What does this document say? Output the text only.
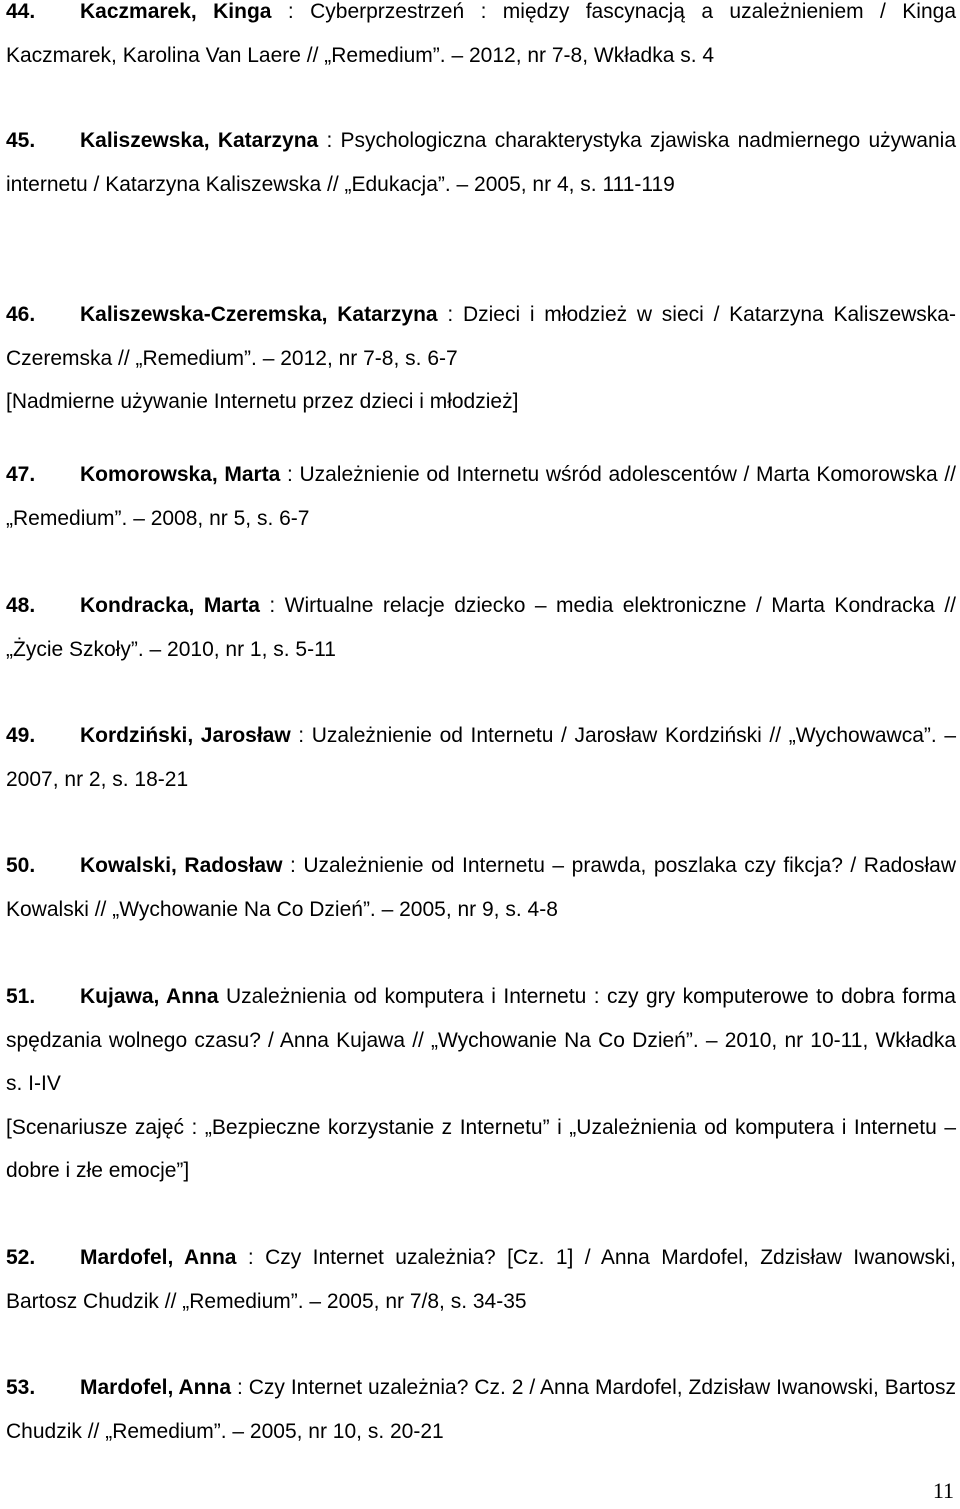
44. Kaczmarek, Kinga : Cyberprzestrzeń : między fascynacją a uzależnieniem / Kinga Kaczmarek, Karolina Van Laere // „Remedium”. – 2012, nr 7-8, Wkładka s. 4
45. Kaliszewska, Katarzyna : Psychologiczna charakterystyka zjawiska nadmiernego używania internetu / Katarzyna Kaliszewska // „Edukacja”. – 2005, nr 4, s. 111-119
46. Kaliszewska-Czeremska, Katarzyna : Dzieci i młodzież w sieci / Katarzyna Kaliszewska-Czeremska // „Remedium”. – 2012, nr 7-8, s. 6-7
[Nadmierne używanie Internetu przez dzieci i młodzież]
47. Komorowska, Marta : Uzależnienie od Internetu wśród adolescentów / Marta Komorowska // „Remedium”. – 2008, nr 5, s. 6-7
48. Kondracka, Marta : Wirtualne relacje dziecko – media elektroniczne / Marta Kondracka // „Życie Szkoły”. – 2010, nr 1, s. 5-11
49. Kordziński, Jarosław : Uzależnienie od Internetu / Jarosław Kordziński // „Wychowawca”. – 2007, nr 2, s. 18-21
50. Kowalski, Radosław : Uzależnienie od Internetu – prawda, poszlaka czy fikcja? / Radosław Kowalski // „Wychowanie Na Co Dzień”. – 2005, nr 9, s. 4-8
51. Kujawa, Anna Uzależnienia od komputera i Internetu : czy gry komputerowe to dobra forma spędzania wolnego czasu? / Anna Kujawa // „Wychowanie Na Co Dzień”. – 2010, nr 10-11, Wkładka s. I-IV
[Scenariusze zajęć : „Bezpieczne korzystanie z Internetu” i „Uzależnienia od komputera i Internetu – dobre i złe emocje”]
52. Mardofel, Anna : Czy Internet uzależnia? [Cz. 1] / Anna Mardofel, Zdzisław Iwanowski, Bartosz Chudzik // „Remedium”. – 2005, nr 7/8, s. 34-35
53. Mardofel, Anna : Czy Internet uzależnia? Cz. 2 / Anna Mardofel, Zdzisław Iwanowski, Bartosz Chudzik // „Remedium”. – 2005, nr 10, s. 20-21
11
